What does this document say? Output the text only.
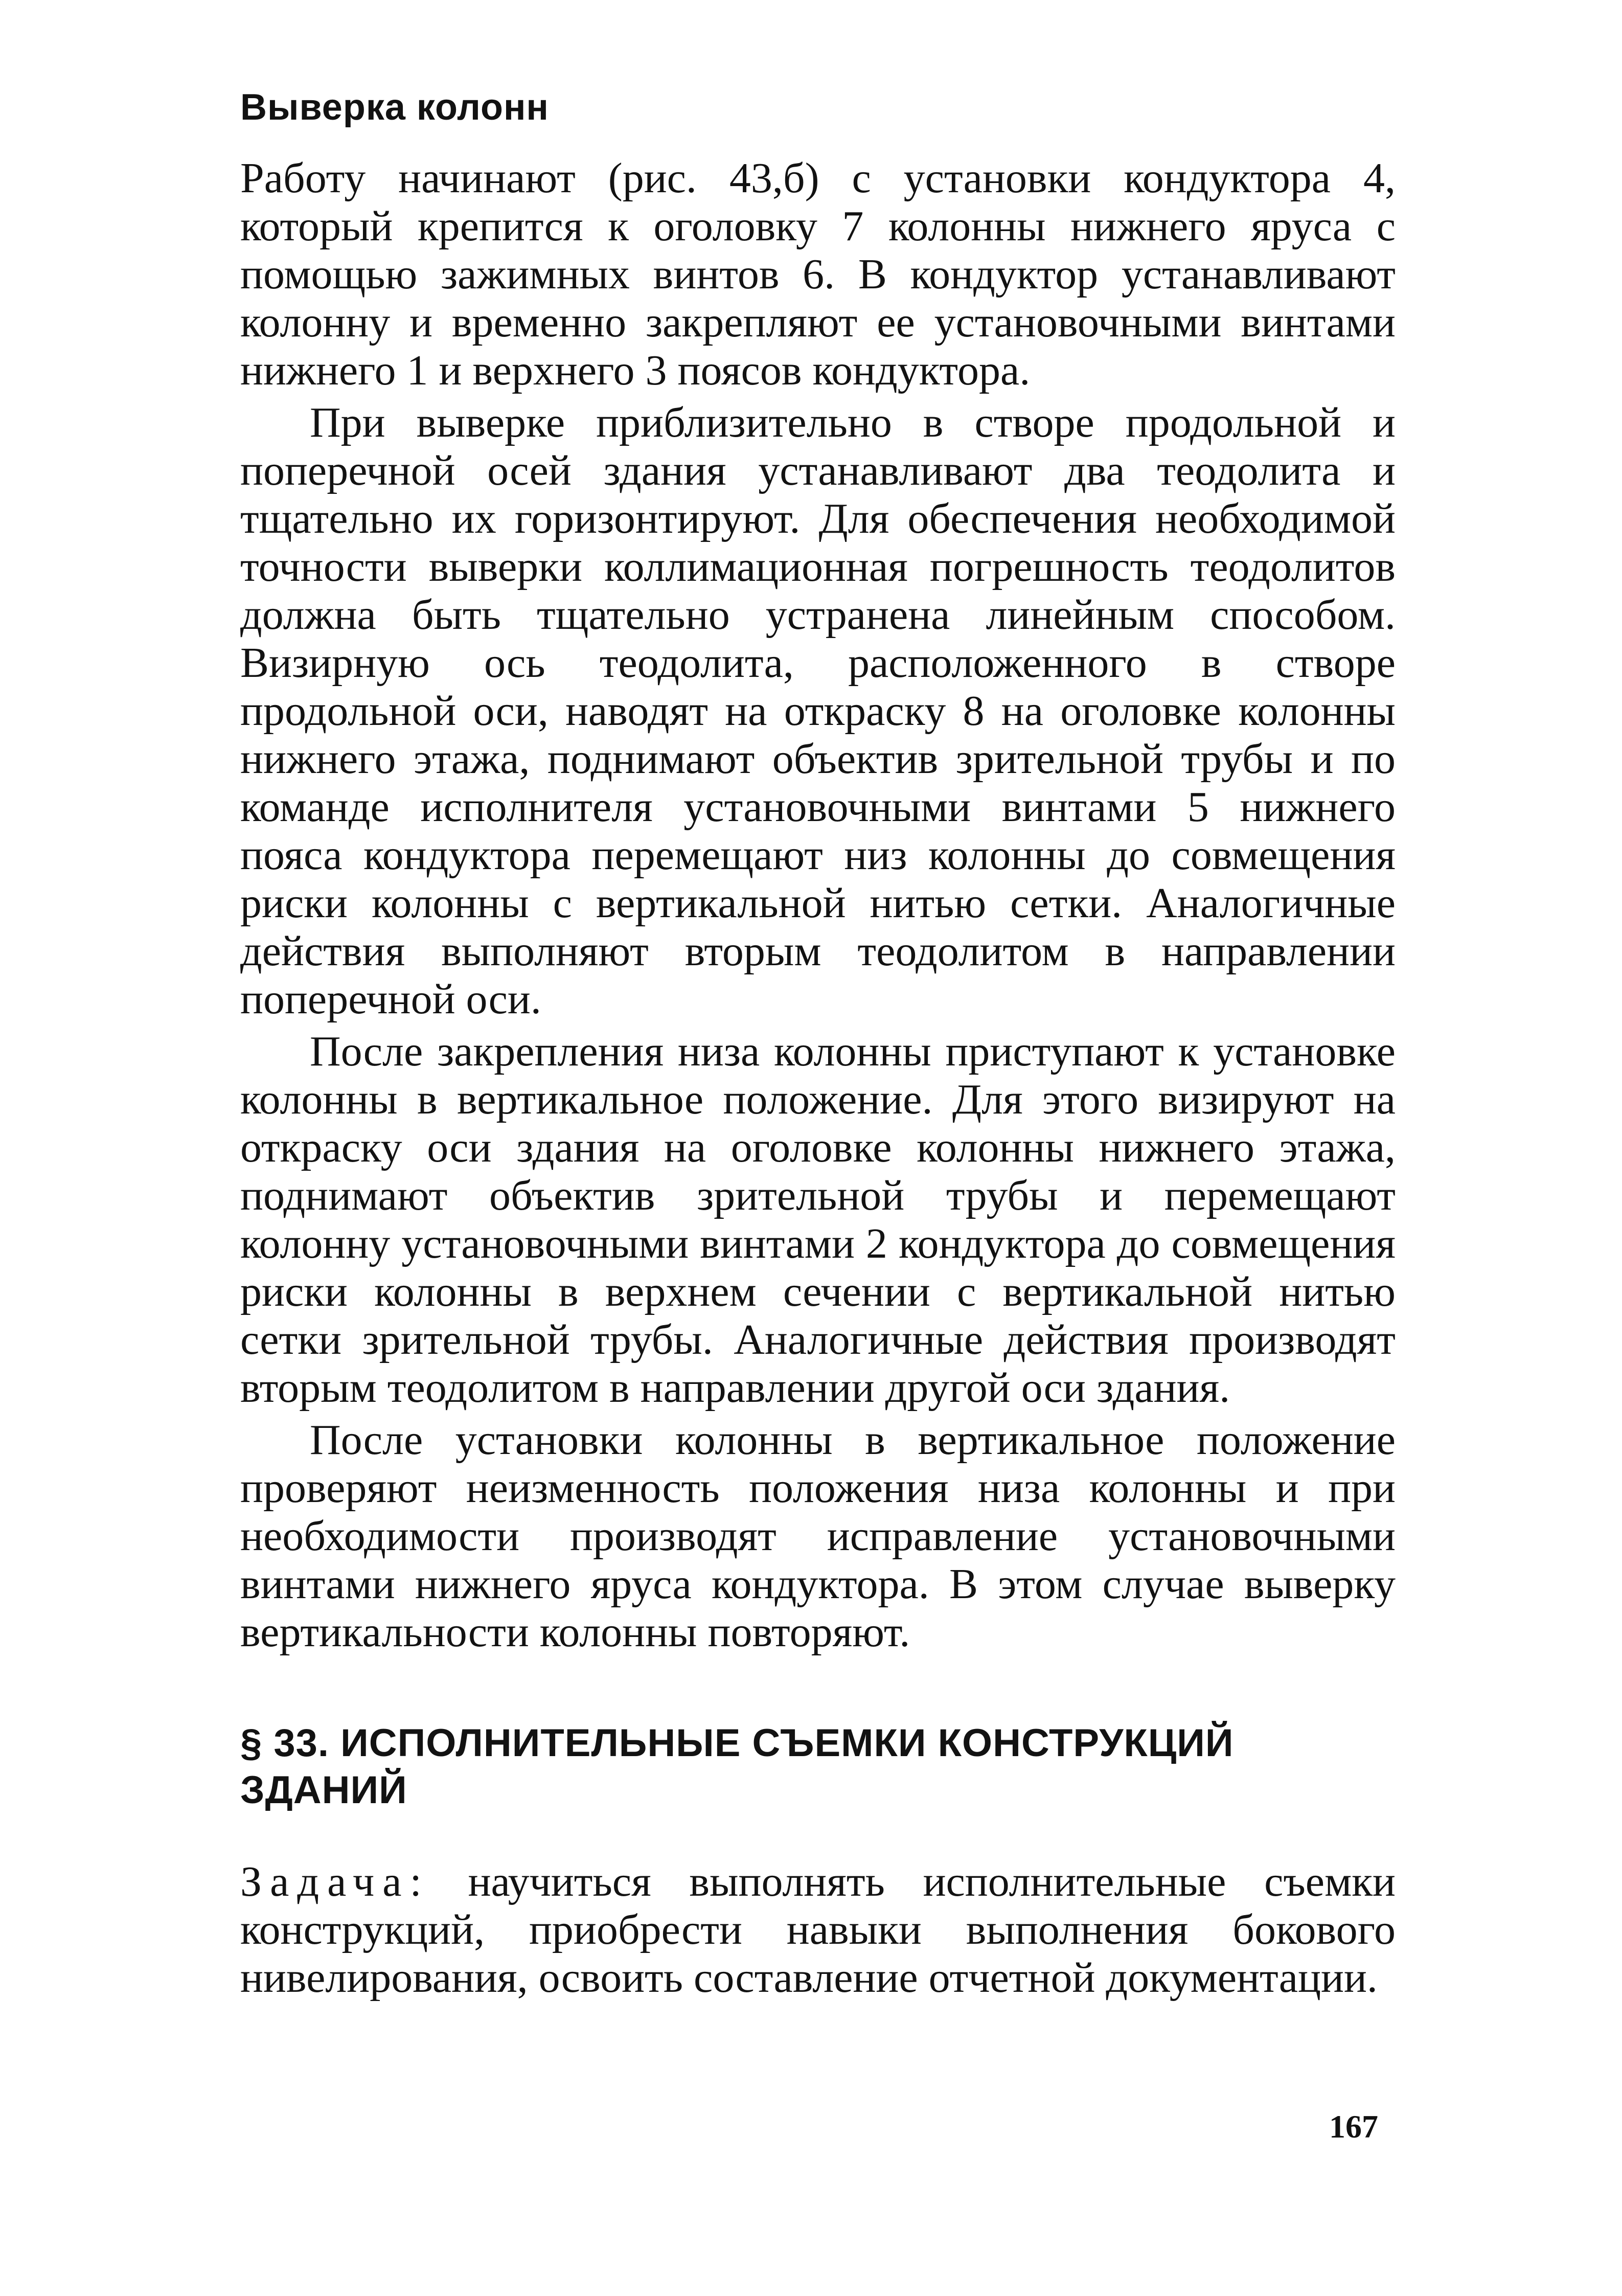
Выверка колонн

Работу начинают (рис. 43,б) с установки кондуктора 4, который крепится к оголовку 7 колонны нижнего яруса с помощью зажимных винтов 6. В кондуктор устанавливают колонну и временно закрепляют ее установочными винтами нижнего 1 и верхнего 3 поясов кондуктора.

При выверке приблизительно в створе продольной и поперечной осей здания устанавливают два теодолита и тщательно их горизонтируют. Для обеспечения необходимой точности выверки коллимационная погрешность теодолитов должна быть тщательно устранена линейным способом. Визирную ось теодолита, расположенного в створе продольной оси, наводят на откраску 8 на оголовке колонны нижнего этажа, поднимают объектив зрительной трубы и по команде исполнителя установочными винтами 5 нижнего пояса кондуктора перемещают низ колонны до совмещения риски колонны с вертикальной нитью сетки. Аналогичные действия выполняют вторым теодолитом в направлении поперечной оси.

После закрепления низа колонны приступают к установке колонны в вертикальное положение. Для этого визируют на откраску оси здания на оголовке колонны нижнего этажа, поднимают объектив зрительной трубы и перемещают колонну установочными винтами 2 кондуктора до совмещения риски колонны в верхнем сечении с вертикальной нитью сетки зрительной трубы. Аналогичные действия производят вторым теодолитом в направлении другой оси здания.

После установки колонны в вертикальное положение проверяют неизменность положения низа колонны и при необходимости производят исправление установочными винтами нижнего яруса кондуктора. В этом случае выверку вертикальности колонны повторяют.

§ 33. ИСПОЛНИТЕЛЬНЫЕ СЪЕМКИ КОНСТРУКЦИЙ ЗДАНИЙ

Задача: научиться выполнять исполнительные съемки конструкций, приобрести навыки выполнения бокового нивелирования, освоить составление отчетной документации.

167
